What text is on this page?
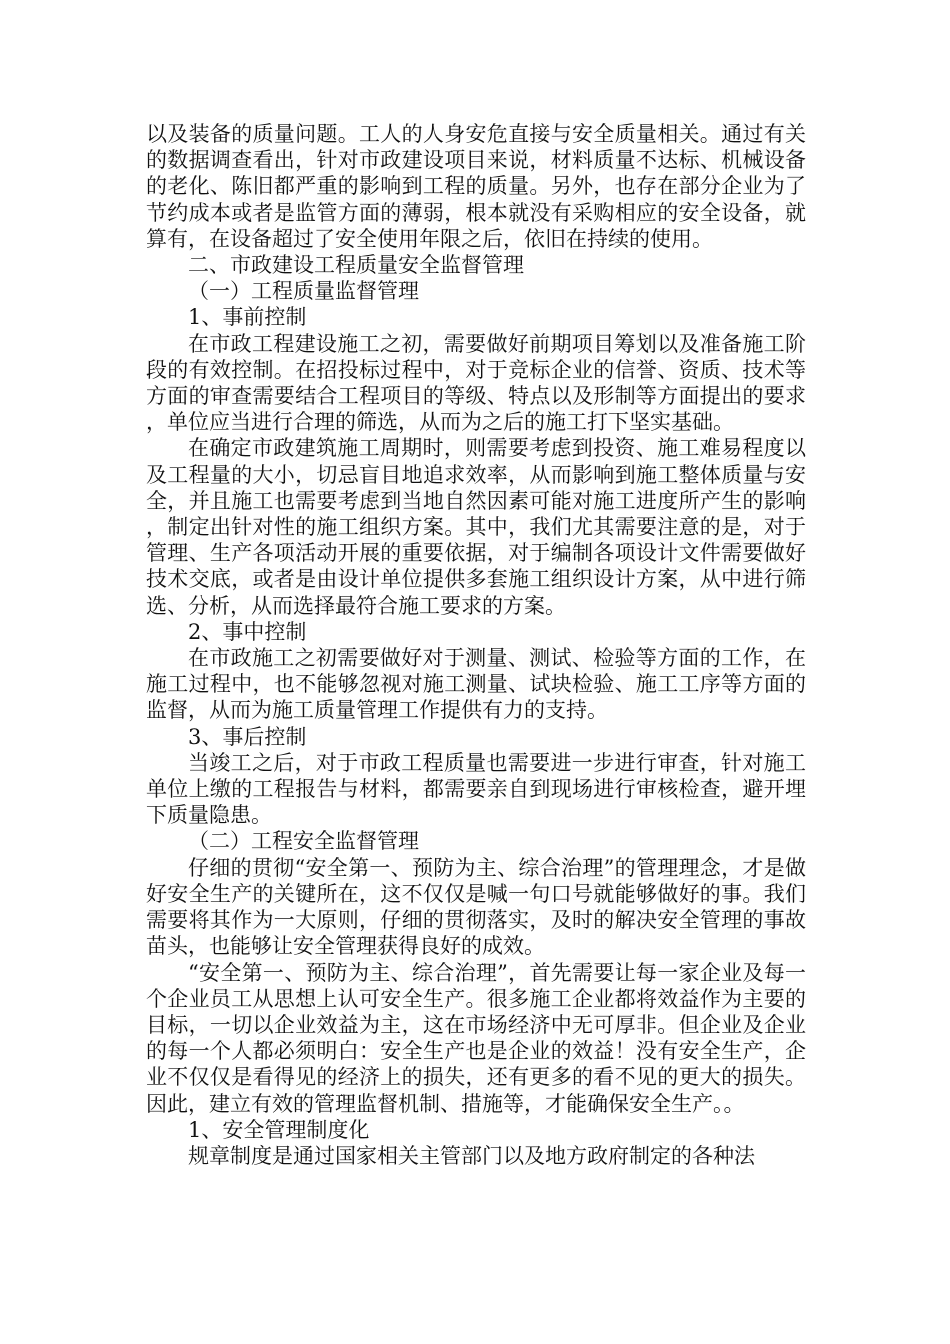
以及装备的质量问题。工人的人身安危直接与安全质量相关。通过有关的数据调查看出，针对市政建设项目来说，材料质量不达标、机械设备的老化、陈旧都严重的影响到工程的质量。另外，也存在部分企业为了节约成本或者是监管方面的薄弱，根本就没有采购相应的安全设备，就算有，在设备超过了安全使用年限之后，依旧在持续的使用。

二、市政建设工程质量安全监督管理

（一）工程质量监督管理

1、事前控制

在市政工程建设施工之初，需要做好前期项目筹划以及准备施工阶段的有效控制。在招投标过程中，对于竞标企业的信誉、资质、技术等方面的审查需要结合工程项目的等级、特点以及形制等方面提出的要求，单位应当进行合理的筛选，从而为之后的施工打下坚实基础。

在确定市政建筑施工周期时，则需要考虑到投资、施工难易程度以及工程量的大小，切忌盲目地追求效率，从而影响到施工整体质量与安全，并且施工也需要考虑到当地自然因素可能对施工进度所产生的影响，制定出针对性的施工组织方案。其中，我们尤其需要注意的是，对于管理、生产各项活动开展的重要依据，对于编制各项设计文件需要做好技术交底，或者是由设计单位提供多套施工组织设计方案，从中进行筛选、分析，从而选择最符合施工要求的方案。

2、事中控制

在市政施工之初需要做好对于测量、测试、检验等方面的工作，在施工过程中，也不能够忽视对施工测量、试块检验、施工工序等方面的监督，从而为施工质量管理工作提供有力的支持。

3、事后控制

当竣工之后，对于市政工程质量也需要进一步进行审查，针对施工单位上缴的工程报告与材料，都需要亲自到现场进行审核检查，避开埋下质量隐患。

（二）工程安全监督管理

仔细的贯彻“安全第一、预防为主、综合治理”的管理理念，才是做好安全生产的关键所在，这不仅仅是喊一句口号就能够做好的事。我们需要将其作为一大原则，仔细的贯彻落实，及时的解决安全管理的事故苗头，也能够让安全管理获得良好的成效。

“安全第一、预防为主、综合治理”，首先需要让每一家企业及每一个企业员工从思想上认可安全生产。很多施工企业都将效益作为主要的目标，一切以企业效益为主，这在市场经济中无可厚非。但企业及企业的每一个人都必须明白：安全生产也是企业的效益！没有安全生产，企业不仅仅是看得见的经济上的损失，还有更多的看不见的更大的损失。因此，建立有效的管理监督机制、措施等，才能确保安全生产。。

1、安全管理制度化

规章制度是通过国家相关主管部门以及地方政府制定的各种法
